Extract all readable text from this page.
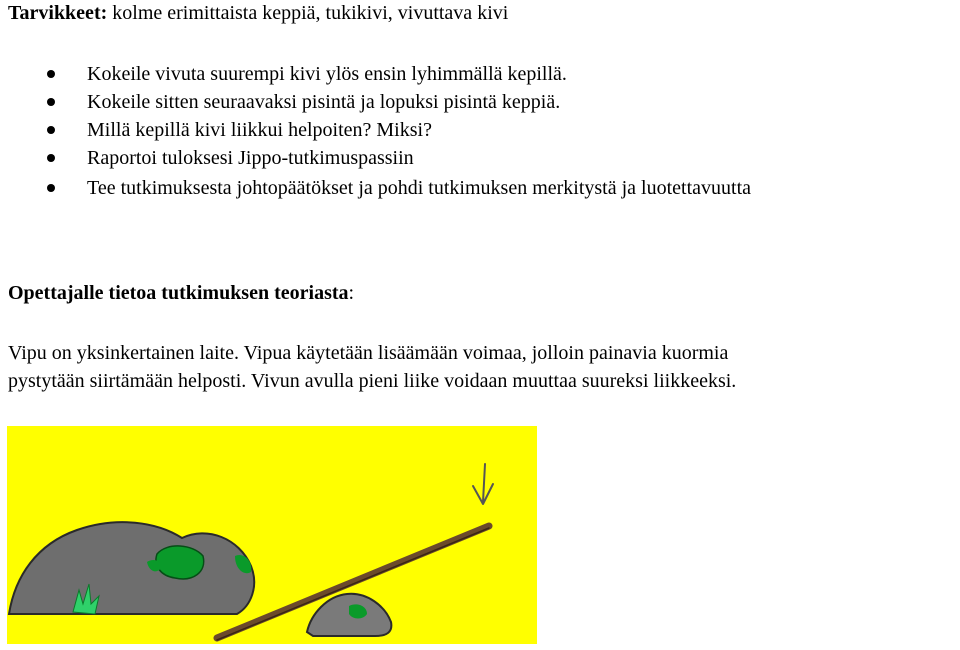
Tarvikkeet: kolme erimittaista keppiä, tukikivi, vivuttava kivi
Kokeile vivuta suurempi kivi ylös ensin lyhimmällä kepillä.
Kokeile sitten seuraavaksi pisintä ja lopuksi pisintä keppiä.
Millä kepillä kivi liikkui helpoiten? Miksi?
Raportoi tuloksesi Jippo-tutkimuspassiin
Tee tutkimuksesta johtopäätökset ja pohdi tutkimuksen merkitystä ja luotettavuutta
Opettajalle tietoa tutkimuksen teoriasta:
Vipu on yksinkertainen laite. Vipua käytetään lisäämään voimaa, jolloin painavia kuormia
pystytään siirtämään helposti. Vivun avulla pieni liike voidaan muuttaa suureksi liikkeeksi.
